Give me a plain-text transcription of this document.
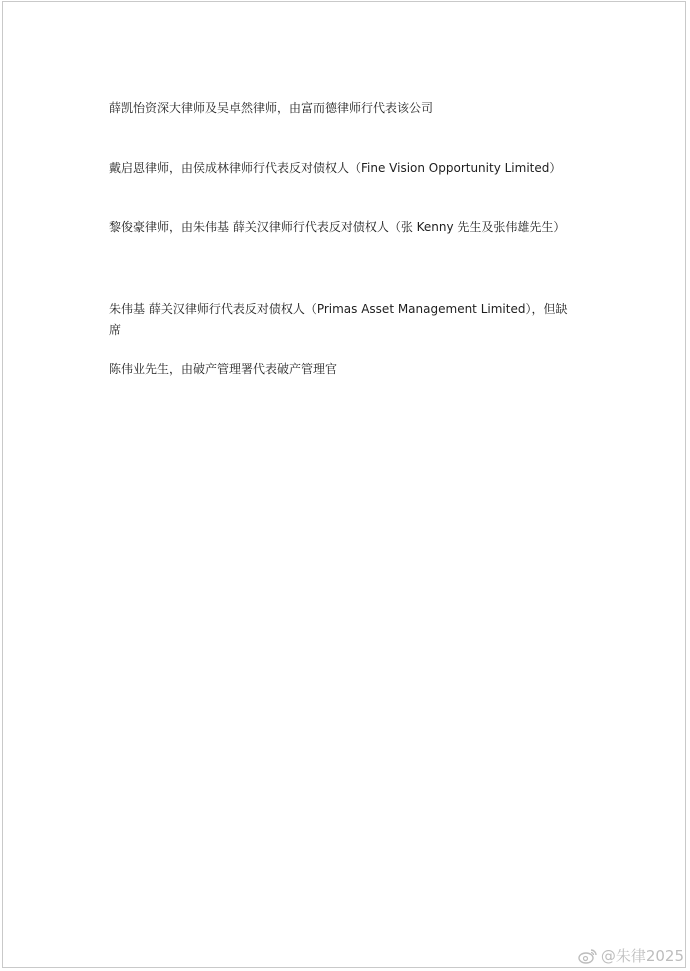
薛凯怡资深大律师及吴卓然律师，由富而德律师行代表该公司

戴启恩律师，由侯成林律师行代表反对债权人（Fine Vision Opportunity Limited）

黎俊豪律师，由朱伟基 薛关汉律师行代表反对债权人（张 Kenny 先生及张伟雄先生）

朱伟基 薛关汉律师行代表反对债权人（Primas Asset Management Limited），但缺席

陈伟业先生，由破产管理署代表破产管理官

@朱律2025
